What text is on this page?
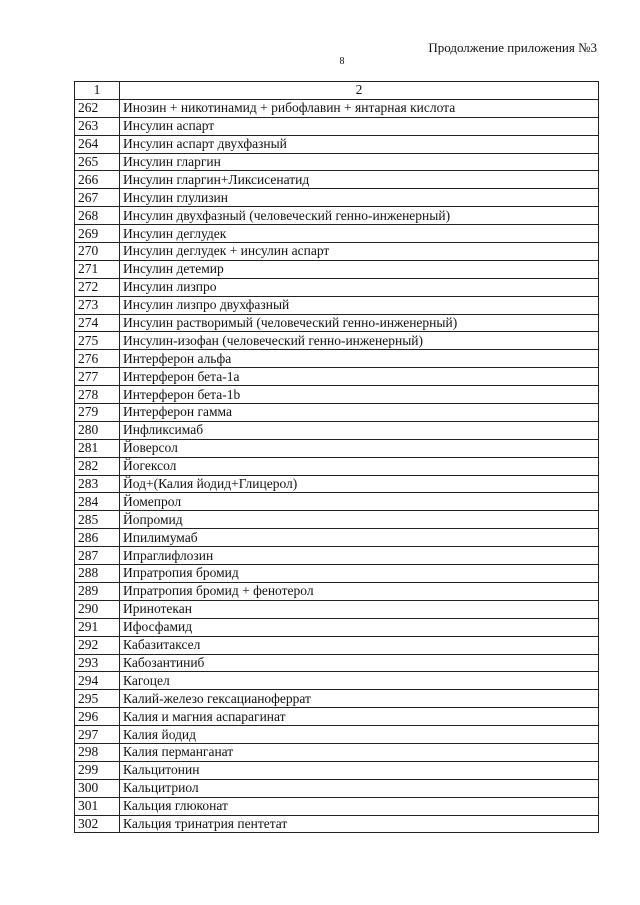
Продолжение приложения №3
8
1	2
262	Инозин + никотинамид + рибофлавин + янтарная кислота
263	Инсулин аспарт
264	Инсулин аспарт двухфазный
265	Инсулин гларгин
266	Инсулин гларгин+Ликсисенатид
267	Инсулин глулизин
268	Инсулин двухфазный (человеческий генно-инженерный)
269	Инсулин деглудек
270	Инсулин деглудек + инсулин аспарт
271	Инсулин детемир
272	Инсулин лизпро
273	Инсулин лизпро двухфазный
274	Инсулин растворимый (человеческий генно-инженерный)
275	Инсулин-изофан (человеческий генно-инженерный)
276	Интерферон альфа
277	Интерферон бета-1a
278	Интерферон бета-1b
279	Интерферон гамма
280	Инфликсимаб
281	Йоверсол
282	Йогексол
283	Йод+(Калия йодид+Глицерол)
284	Йомепрол
285	Йопромид
286	Ипилимумаб
287	Ипраглифлозин
288	Ипратропия бромид
289	Ипратропия бромид + фенотерол
290	Иринотекан
291	Ифосфамид
292	Кабазитаксел
293	Кабозантиниб
294	Кагоцел
295	Калий-железо гексацианоферрат
296	Калия и магния аспарагинат
297	Калия йодид
298	Калия перманганат
299	Кальцитонин
300	Кальцитриол
301	Кальция глюконат
302	Кальция тринатрия пентетат
